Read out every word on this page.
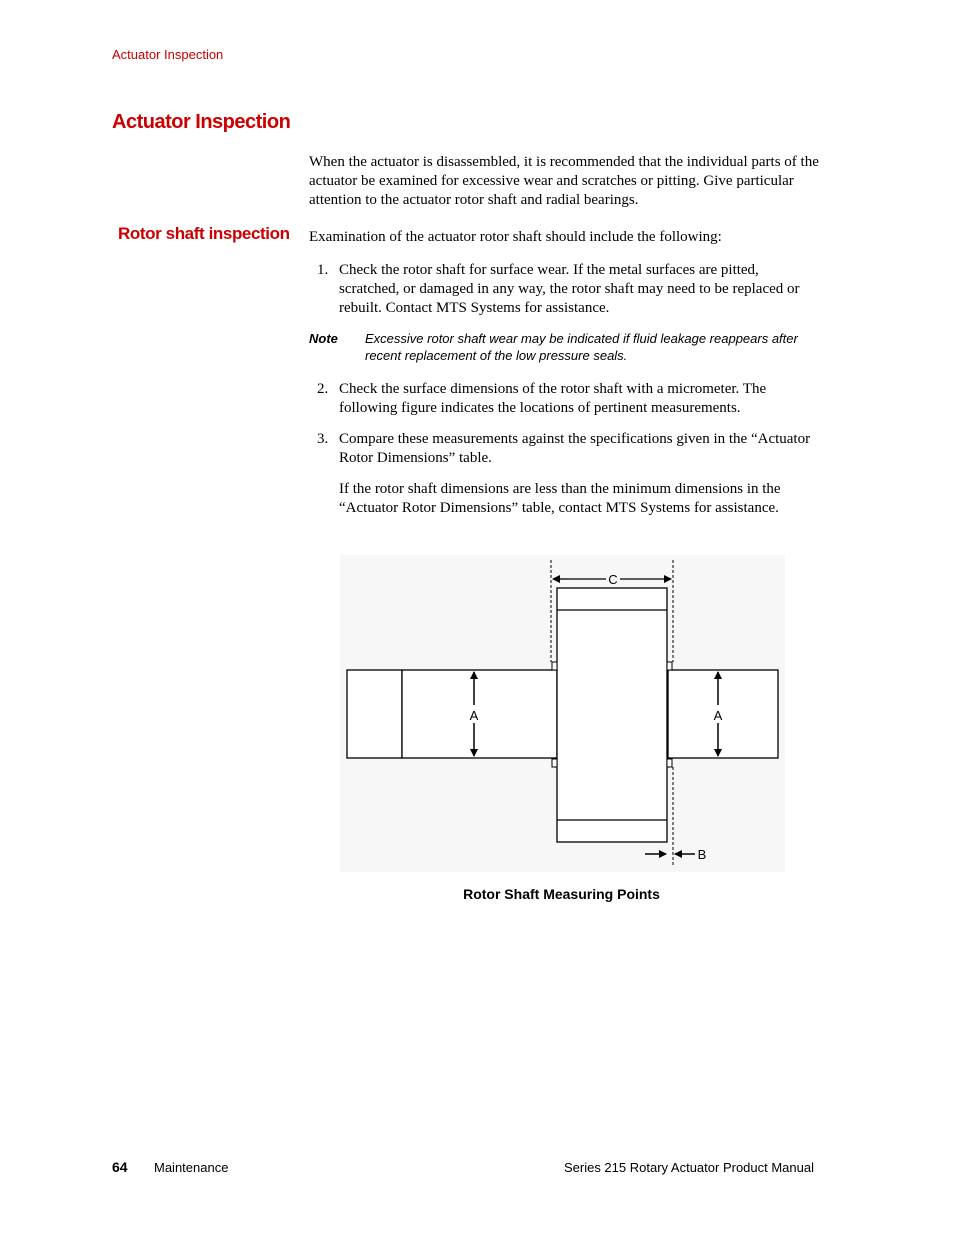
Actuator Inspection
Actuator Inspection
When the actuator is disassembled, it is recommended that the individual parts of the actuator be examined for excessive wear and scratches or pitting. Give particular attention to the actuator rotor shaft and radial bearings.
Rotor shaft inspection Examination of the actuator rotor shaft should include the following:
1. Check the rotor shaft for surface wear. If the metal surfaces are pitted, scratched, or damaged in any way, the rotor shaft may need to be replaced or rebuilt. Contact MTS Systems for assistance.
Note Excessive rotor shaft wear may be indicated if fluid leakage reappears after recent replacement of the low pressure seals.
2. Check the surface dimensions of the rotor shaft with a micrometer. The following figure indicates the locations of pertinent measurements.
3. Compare these measurements against the specifications given in the “Actuator Rotor Dimensions” table.
If the rotor shaft dimensions are less than the minimum dimensions in the “Actuator Rotor Dimensions” table, contact MTS Systems for assistance.
C
A	A
B
Rotor Shaft Measuring Points
64 Maintenance	Series 215 Rotary Actuator Product Manual
